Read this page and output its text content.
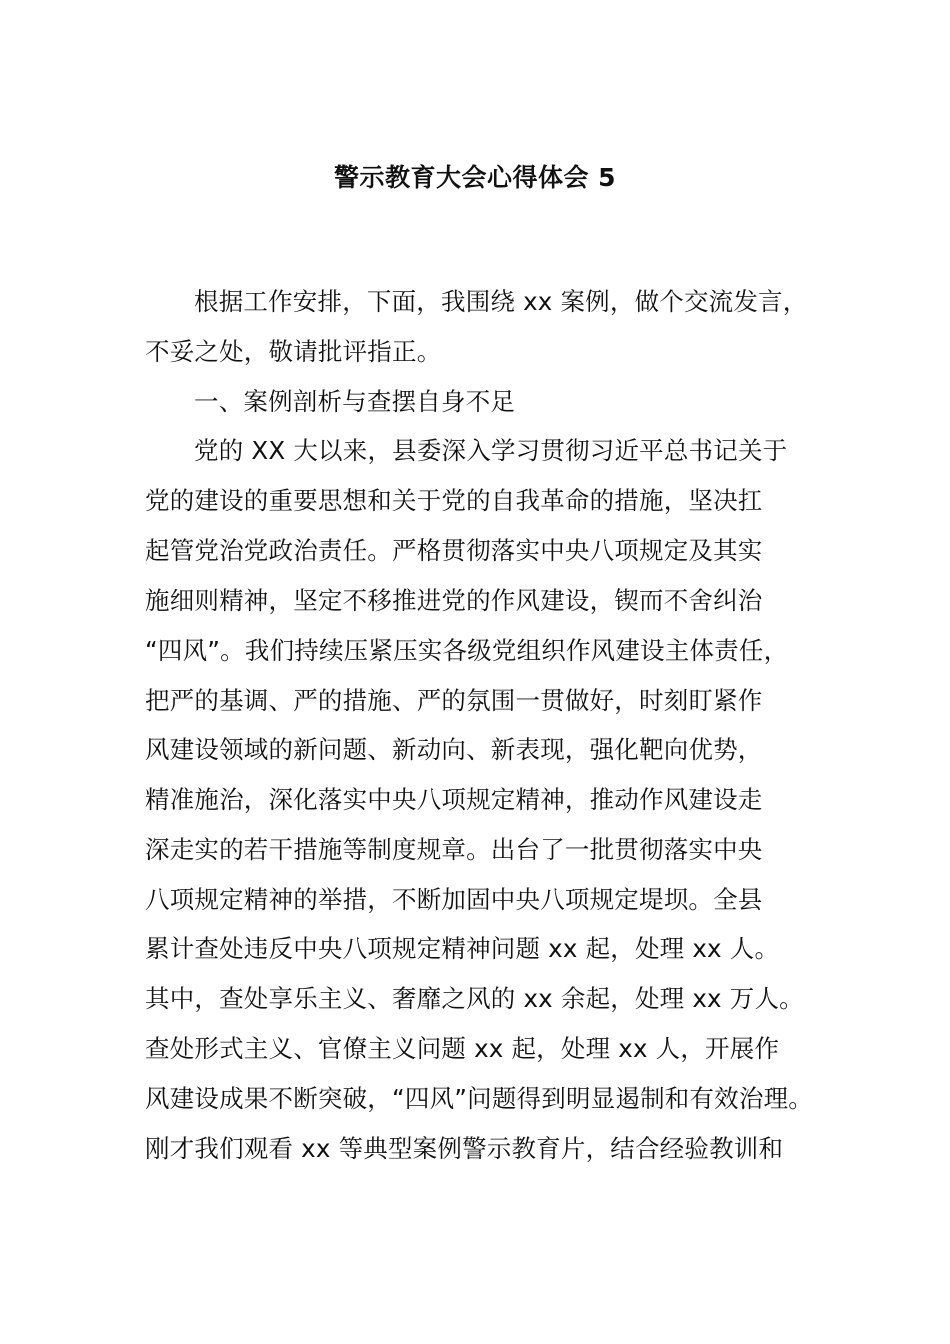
警示教育大会心得体会 5
根据工作安排，下面，我围绕 xx 案例，做个交流发言，
不妥之处，敬请批评指正。
一、案例剖析与查摆自身不足
党的 XX 大以来，县委深入学习贯彻习近平总书记关于
党的建设的重要思想和关于党的自我革命的措施，坚决扛
起管党治党政治责任。严格贯彻落实中央八项规定及其实
施细则精神，坚定不移推进党的作风建设，锲而不舍纠治
“四风”。我们持续压紧压实各级党组织作风建设主体责任，
把严的基调、严的措施、严的氛围一贯做好，时刻盯紧作
风建设领域的新问题、新动向、新表现，强化靶向优势，
精准施治，深化落实中央八项规定精神，推动作风建设走
深走实的若干措施等制度规章。出台了一批贯彻落实中央
八项规定精神的举措，不断加固中央八项规定堤坝。全县
累计查处违反中央八项规定精神问题 xx 起，处理 xx 人。
其中，查处享乐主义、奢靡之风的 xx 余起，处理 xx 万人。
查处形式主义、官僚主义问题 xx 起，处理 xx 人，开展作
风建设成果不断突破，“四风”问题得到明显遏制和有效治理。
刚才我们观看 xx 等典型案例警示教育片，结合经验教训和
